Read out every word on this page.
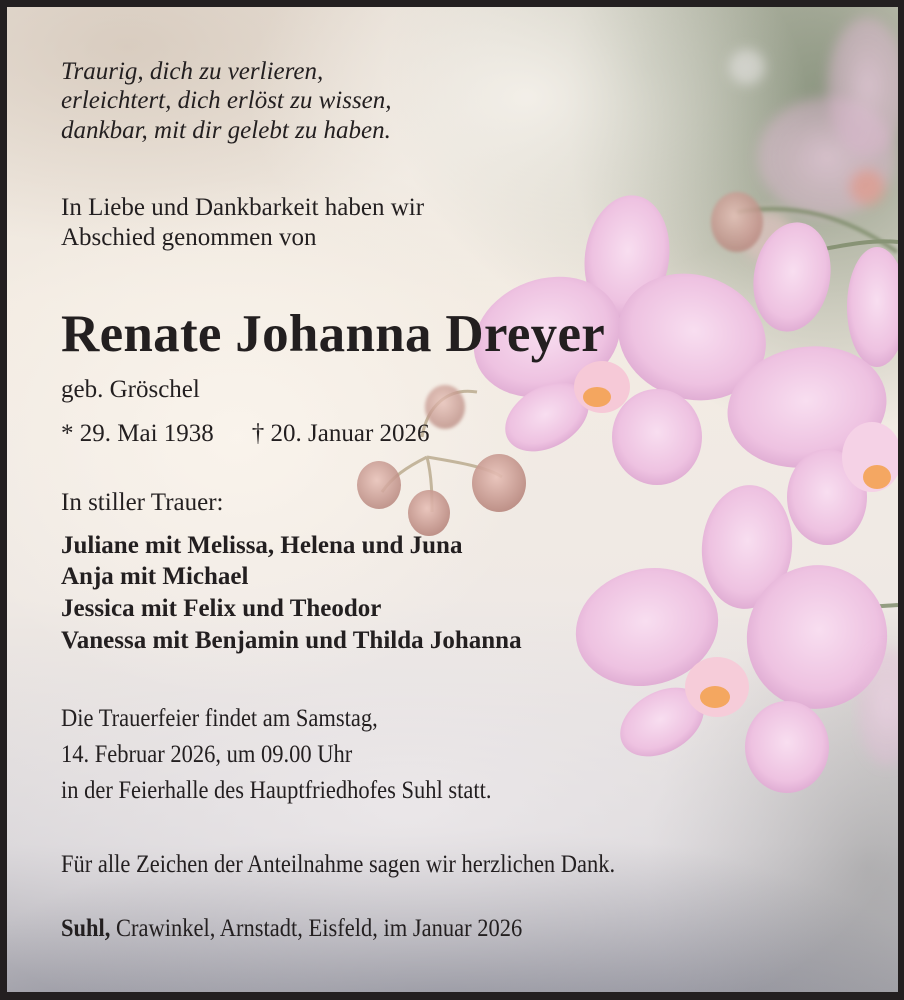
Traurig, dich zu verlieren,
erleichtert, dich erlöst zu wissen,
dankbar, mit dir gelebt zu haben.
In Liebe und Dankbarkeit haben wir
Abschied genommen von
Renate Johanna Dreyer
geb. Gröschel
* 29. Mai 1938 † 20. Januar 2026
In stiller Trauer:
Juliane mit Melissa, Helena und Juna
Anja mit Michael
Jessica mit Felix und Theodor
Vanessa mit Benjamin und Thilda Johanna
Die Trauerfeier findet am Samstag,
14. Februar 2026, um 09.00 Uhr
in der Feierhalle des Hauptfriedhofes Suhl statt.
Für alle Zeichen der Anteilnahme sagen wir herzlichen Dank.
Suhl, Crawinkel, Arnstadt, Eisfeld, im Januar 2026
